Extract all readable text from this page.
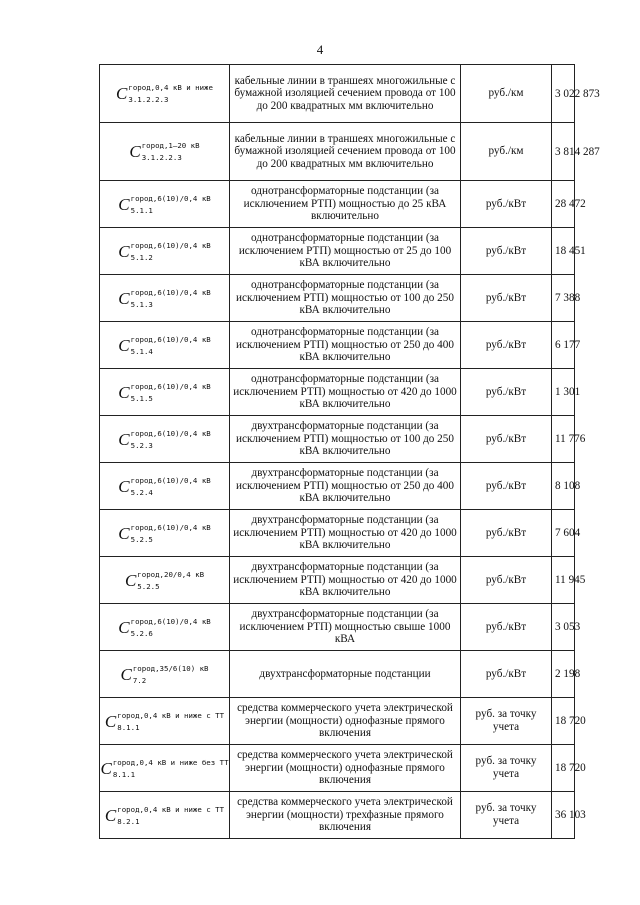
4
C город,0,4 кВ и ниже
3.1.2.2.3	кабельные линии в траншеях многожильные с бумажной изоляцией сечением провода от 100 до 200 квадратных мм включительно	руб./км	3 022 873

C город,1–20 кВ
3.1.2.2.3	кабельные линии в траншеях многожильные с бумажной изоляцией сечением провода от 100 до 200 квадратных мм включительно	руб./км	3 814 287

C город,6(10)/0,4 кВ
5.1.1	однотрансформаторные подстанции (за исключением РТП) мощностью до 25 кВА включительно	руб./кВт	28 472

C город,6(10)/0,4 кВ
5.1.2	однотрансформаторные подстанции (за исключением РТП) мощностью от 25 до 100 кВА включительно	руб./кВт	18 451

C город,6(10)/0,4 кВ
5.1.3	однотрансформаторные подстанции (за исключением РТП) мощностью от 100 до 250 кВА включительно	руб./кВт	7 388

C город,6(10)/0,4 кВ
5.1.4	однотрансформаторные подстанции (за исключением РТП) мощностью от 250 до 400 кВА включительно	руб./кВт	6 177

C город,6(10)/0,4 кВ
5.1.5	однотрансформаторные подстанции (за исключением РТП) мощностью от 420 до 1000 кВА включительно	руб./кВт	1 301

C город,6(10)/0,4 кВ
5.2.3	двухтрансформаторные подстанции (за исключением РТП) мощностью от 100 до 250 кВА включительно	руб./кВт	11 776

C город,6(10)/0,4 кВ
5.2.4	двухтрансформаторные подстанции (за исключением РТП) мощностью от 250 до 400 кВА включительно	руб./кВт	8 108

C город,6(10)/0,4 кВ
5.2.5	двухтрансформаторные подстанции (за исключением РТП) мощностью от 420 до 1000 кВА включительно	руб./кВт	7 604

C город,20/0,4 кВ
5.2.5	двухтрансформаторные подстанции (за исключением РТП) мощностью от 420 до 1000 кВА включительно	руб./кВт	11 945

C город,6(10)/0,4 кВ
5.2.6	двухтрансформаторные подстанции (за исключением РТП) мощностью свыше 1000 кВА	руб./кВт	3 053

C город,35/6(10) кВ
7.2	двухтрансформаторные подстанции	руб./кВт	2 198

C город,0,4 кВ и ниже с ТТ
8.1.1	средства коммерческого учета электрической энергии (мощности) однофазные прямого включения	руб. за точку учета	18 720

C город,0,4 кВ и ниже без ТТ
8.1.1	средства коммерческого учета электрической энергии (мощности) однофазные прямого включения	руб. за точку учета	18 720

C город,0,4 кВ и ниже с ТТ
8.2.1	средства коммерческого учета электрической энергии (мощности) трехфазные прямого включения	руб. за точку учета	36 103
